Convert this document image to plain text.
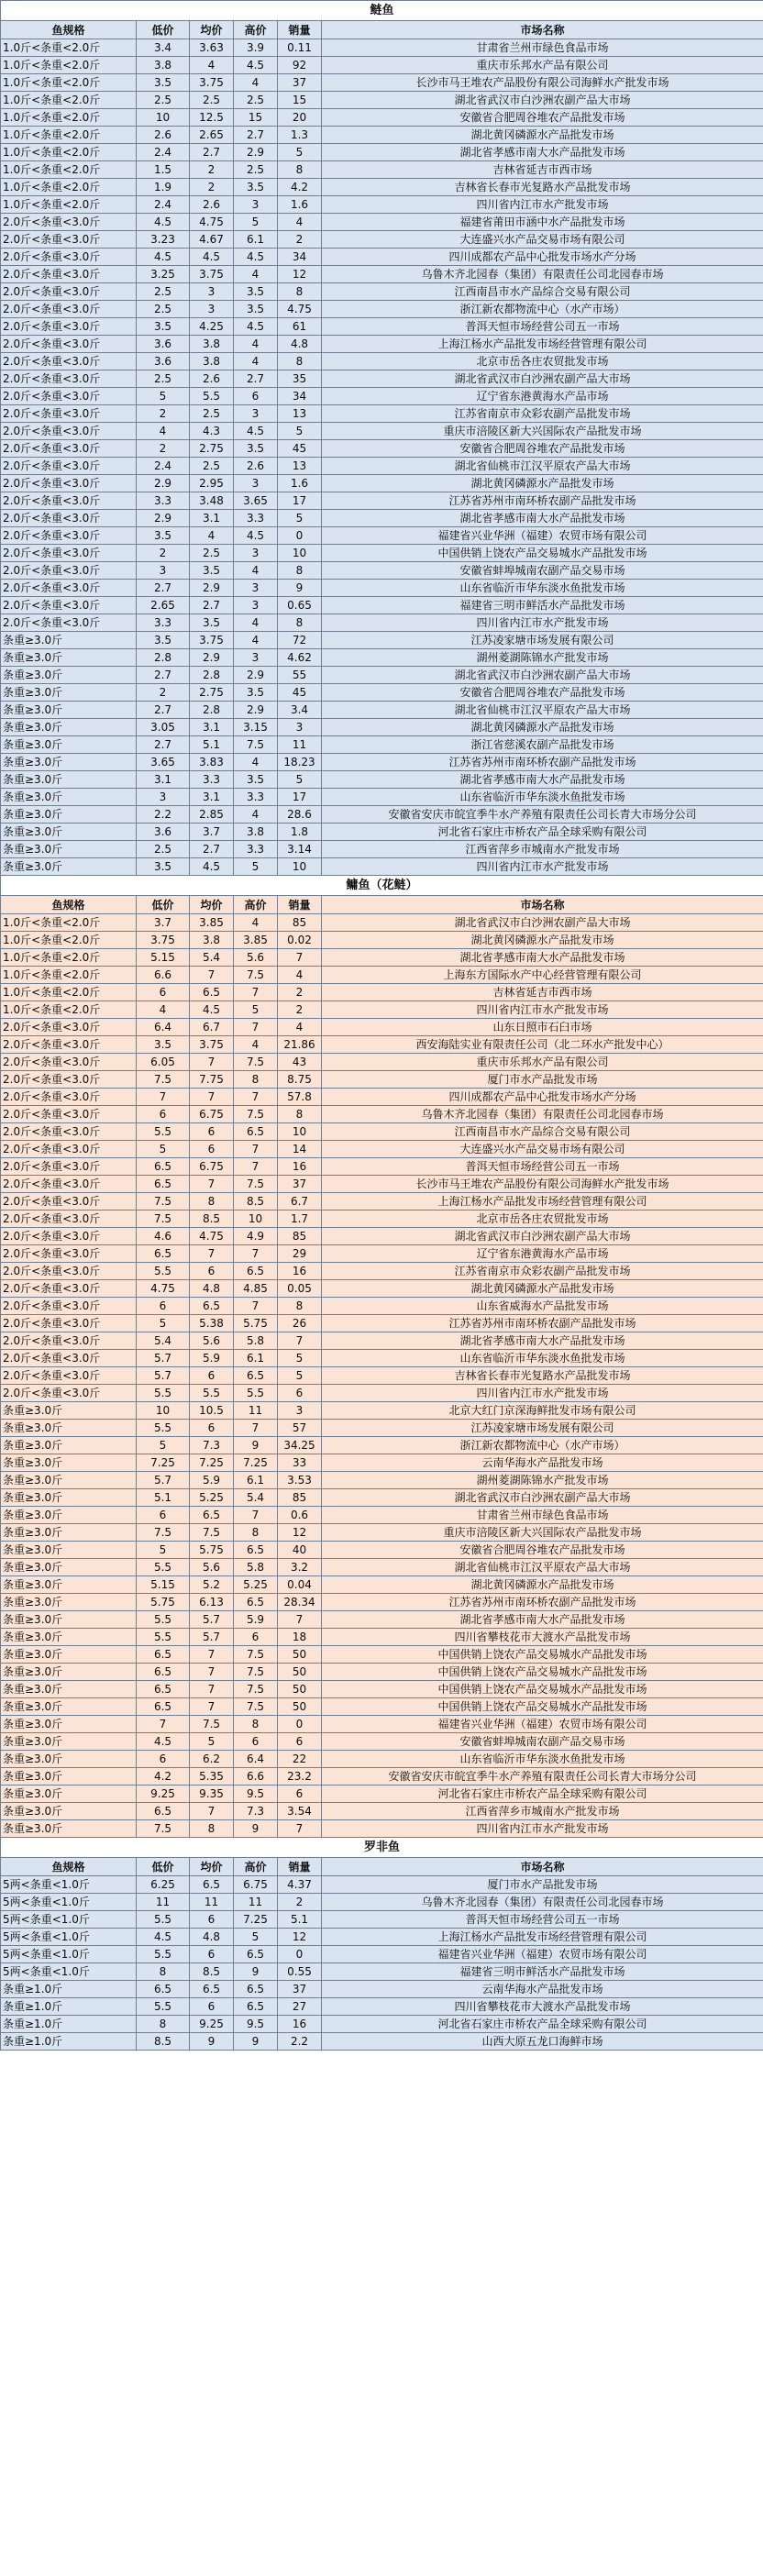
鲢鱼					
鱼规格	低价	均价	高价	销量	市场名称
1.0斤<条重<2.0斤	3.4	3.63	3.9	0.11	甘肃省兰州市绿色食品市场
1.0斤<条重<2.0斤	3.8	4	4.5	92	重庆市乐邦水产品有限公司
1.0斤<条重<2.0斤	3.5	3.75	4	37	长沙市马王堆农产品股份有限公司海鲜水产批发市场
1.0斤<条重<2.0斤	2.5	2.5	2.5	15	湖北省武汉市白沙洲农副产品大市场
1.0斤<条重<2.0斤	10	12.5	15	20	安徽省合肥周谷堆农产品批发市场
1.0斤<条重<2.0斤	2.6	2.65	2.7	1.3	湖北黄冈磷源水产品批发市场
1.0斤<条重<2.0斤	2.4	2.7	2.9	5	湖北省孝感市南大水产品批发市场
1.0斤<条重<2.0斤	1.5	2	2.5	8	吉林省延吉市西市场
1.0斤<条重<2.0斤	1.9	2	3.5	4.2	吉林省长春市光复路水产品批发市场
1.0斤<条重<2.0斤	2.4	2.6	3	1.6	四川省内江市水产批发市场
2.0斤<条重<3.0斤	4.5	4.75	5	4	福建省莆田市涵中水产品批发市场
2.0斤<条重<3.0斤	3.23	4.67	6.1	2	大连盛兴水产品交易市场有限公司
2.0斤<条重<3.0斤	4.5	4.5	4.5	34	四川成都农产品中心批发市场水产分场
2.0斤<条重<3.0斤	3.25	3.75	4	12	乌鲁木齐北园春（集团）有限责任公司北园春市场
2.0斤<条重<3.0斤	2.5	3	3.5	8	江西南昌市水产品综合交易有限公司
2.0斤<条重<3.0斤	2.5	3	3.5	4.75	浙江新农都物流中心（水产市场）
2.0斤<条重<3.0斤	3.5	4.25	4.5	61	普洱天恒市场经营公司五一市场
2.0斤<条重<3.0斤	3.6	3.8	4	4.8	上海江杨水产品批发市场经营管理有限公司
2.0斤<条重<3.0斤	3.6	3.8	4	8	北京市岳各庄农贸批发市场
2.0斤<条重<3.0斤	2.5	2.6	2.7	35	湖北省武汉市白沙洲农副产品大市场
2.0斤<条重<3.0斤	5	5.5	6	34	辽宁省东港黄海水产品市场
2.0斤<条重<3.0斤	2	2.5	3	13	江苏省南京市众彩农副产品批发市场
2.0斤<条重<3.0斤	4	4.3	4.5	5	重庆市涪陵区新大兴国际农产品批发市场
2.0斤<条重<3.0斤	2	2.75	3.5	45	安徽省合肥周谷堆农产品批发市场
2.0斤<条重<3.0斤	2.4	2.5	2.6	13	湖北省仙桃市江汉平原农产品大市场
2.0斤<条重<3.0斤	2.9	2.95	3	1.6	湖北黄冈磷源水产品批发市场
2.0斤<条重<3.0斤	3.3	3.48	3.65	17	江苏省苏州市南环桥农副产品批发市场
2.0斤<条重<3.0斤	2.9	3.1	3.3	5	湖北省孝感市南大水产品批发市场
2.0斤<条重<3.0斤	3.5	4	4.5	0	福建省兴业华洲（福建）农贸市场有限公司
2.0斤<条重<3.0斤	2	2.5	3	10	中国供销上饶农产品交易城水产品批发市场
2.0斤<条重<3.0斤	3	3.5	4	8	安徽省蚌埠城南农副产品交易市场
2.0斤<条重<3.0斤	2.7	2.9	3	9	山东省临沂市华东淡水鱼批发市场
2.0斤<条重<3.0斤	2.65	2.7	3	0.65	福建省三明市鲜活水产品批发市场
2.0斤<条重<3.0斤	3.3	3.5	4	8	四川省内江市水产批发市场
条重≥3.0斤	3.5	3.75	4	72	江苏凌家塘市场发展有限公司
条重≥3.0斤	2.8	2.9	3	4.62	湖州菱湖陈锦水产批发市场
条重≥3.0斤	2.7	2.8	2.9	55	湖北省武汉市白沙洲农副产品大市场
条重≥3.0斤	2	2.75	3.5	45	安徽省合肥周谷堆农产品批发市场
条重≥3.0斤	2.7	2.8	2.9	3.4	湖北省仙桃市江汉平原农产品大市场
条重≥3.0斤	3.05	3.1	3.15	3	湖北黄冈磷源水产品批发市场
条重≥3.0斤	2.7	5.1	7.5	11	浙江省慈溪农副产品批发市场
条重≥3.0斤	3.65	3.83	4	18.23	江苏省苏州市南环桥农副产品批发市场
条重≥3.0斤	3.1	3.3	3.5	5	湖北省孝感市南大水产品批发市场
条重≥3.0斤	3	3.1	3.3	17	山东省临沂市华东淡水鱼批发市场
条重≥3.0斤	2.2	2.85	4	28.6	安徽省安庆市皖宜季牛水产养殖有限责任公司长青大市场分公司
条重≥3.0斤	3.6	3.7	3.8	1.8	河北省石家庄市桥农产品全球采购有限公司
条重≥3.0斤	2.5	2.7	3.3	3.14	江西省萍乡市城南水产批发市场
条重≥3.0斤	3.5	4.5	5	10	四川省内江市水产批发市场
鳙鱼（花鲢）					
鱼规格	低价	均价	高价	销量	市场名称
1.0斤<条重<2.0斤	3.7	3.85	4	85	湖北省武汉市白沙洲农副产品大市场
1.0斤<条重<2.0斤	3.75	3.8	3.85	0.02	湖北黄冈磷源水产品批发市场
1.0斤<条重<2.0斤	5.15	5.4	5.6	7	湖北省孝感市南大水产品批发市场
1.0斤<条重<2.0斤	6.6	7	7.5	4	上海东方国际水产中心经营管理有限公司
1.0斤<条重<2.0斤	6	6.5	7	2	吉林省延吉市西市场
1.0斤<条重<2.0斤	4	4.5	5	2	四川省内江市水产批发市场
2.0斤<条重<3.0斤	6.4	6.7	7	4	山东日照市石臼市场
2.0斤<条重<3.0斤	3.5	3.75	4	21.86	西安海陆实业有限责任公司（北二环水产批发中心）
2.0斤<条重<3.0斤	6.05	7	7.5	43	重庆市乐邦水产品有限公司
2.0斤<条重<3.0斤	7.5	7.75	8	8.75	厦门市水产品批发市场
2.0斤<条重<3.0斤	7	7	7	57.8	四川成都农产品中心批发市场水产分场
2.0斤<条重<3.0斤	6	6.75	7.5	8	乌鲁木齐北园春（集团）有限责任公司北园春市场
2.0斤<条重<3.0斤	5.5	6	6.5	10	江西南昌市水产品综合交易有限公司
2.0斤<条重<3.0斤	5	6	7	14	大连盛兴水产品交易市场有限公司
2.0斤<条重<3.0斤	6.5	6.75	7	16	普洱天恒市场经营公司五一市场
2.0斤<条重<3.0斤	6.5	7	7.5	37	长沙市马王堆农产品股份有限公司海鲜水产批发市场
2.0斤<条重<3.0斤	7.5	8	8.5	6.7	上海江杨水产品批发市场经营管理有限公司
2.0斤<条重<3.0斤	7.5	8.5	10	1.7	北京市岳各庄农贸批发市场
2.0斤<条重<3.0斤	4.6	4.75	4.9	85	湖北省武汉市白沙洲农副产品大市场
2.0斤<条重<3.0斤	6.5	7	7	29	辽宁省东港黄海水产品市场
2.0斤<条重<3.0斤	5.5	6	6.5	16	江苏省南京市众彩农副产品批发市场
2.0斤<条重<3.0斤	4.75	4.8	4.85	0.05	湖北黄冈磷源水产品批发市场
2.0斤<条重<3.0斤	6	6.5	7	8	山东省威海水产品批发市场
2.0斤<条重<3.0斤	5	5.38	5.75	26	江苏省苏州市南环桥农副产品批发市场
2.0斤<条重<3.0斤	5.4	5.6	5.8	7	湖北省孝感市南大水产品批发市场
2.0斤<条重<3.0斤	5.7	5.9	6.1	5	山东省临沂市华东淡水鱼批发市场
2.0斤<条重<3.0斤	5.7	6	6.5	5	吉林省长春市光复路水产品批发市场
2.0斤<条重<3.0斤	5.5	5.5	5.5	6	四川省内江市水产批发市场
条重≥3.0斤	10	10.5	11	3	北京大红门京深海鲜批发市场有限公司
条重≥3.0斤	5.5	6	7	57	江苏凌家塘市场发展有限公司
条重≥3.0斤	5	7.3	9	34.25	浙江新农都物流中心（水产市场）
条重≥3.0斤	7.25	7.25	7.25	33	云南华海水产品批发市场
条重≥3.0斤	5.7	5.9	6.1	3.53	湖州菱湖陈锦水产批发市场
条重≥3.0斤	5.1	5.25	5.4	85	湖北省武汉市白沙洲农副产品大市场
条重≥3.0斤	6	6.5	7	0.6	甘肃省兰州市绿色食品市场
条重≥3.0斤	7.5	7.5	8	12	重庆市涪陵区新大兴国际农产品批发市场
条重≥3.0斤	5	5.75	6.5	40	安徽省合肥周谷堆农产品批发市场
条重≥3.0斤	5.5	5.6	5.8	3.2	湖北省仙桃市江汉平原农产品大市场
条重≥3.0斤	5.15	5.2	5.25	0.04	湖北黄冈磷源水产品批发市场
条重≥3.0斤	5.75	6.13	6.5	28.34	江苏省苏州市南环桥农副产品批发市场
条重≥3.0斤	5.5	5.7	5.9	7	湖北省孝感市南大水产品批发市场
条重≥3.0斤	5.5	5.7	6	18	四川省攀枝花市大渡水产品批发市场
条重≥3.0斤	6.5	7	7.5	50	中国供销上饶农产品交易城水产品批发市场
条重≥3.0斤	6.5	7	7.5	50	中国供销上饶农产品交易城水产品批发市场
条重≥3.0斤	6.5	7	7.5	50	中国供销上饶农产品交易城水产品批发市场
条重≥3.0斤	6.5	7	7.5	50	中国供销上饶农产品交易城水产品批发市场
条重≥3.0斤	7	7.5	8	0	福建省兴业华洲（福建）农贸市场有限公司
条重≥3.0斤	4.5	5	6	6	安徽省蚌埠城南农副产品交易市场
条重≥3.0斤	6	6.2	6.4	22	山东省临沂市华东淡水鱼批发市场
条重≥3.0斤	4.2	5.35	6.6	23.2	安徽省安庆市皖宜季牛水产养殖有限责任公司长青大市场分公司
条重≥3.0斤	9.25	9.35	9.5	6	河北省石家庄市桥农产品全球采购有限公司
条重≥3.0斤	6.5	7	7.3	3.54	江西省萍乡市城南水产批发市场
条重≥3.0斤	7.5	8	9	7	四川省内江市水产批发市场
罗非鱼					
鱼规格	低价	均价	高价	销量	市场名称
5两<条重<1.0斤	6.25	6.5	6.75	4.37	厦门市水产品批发市场
5两<条重<1.0斤	11	11	11	2	乌鲁木齐北园春（集团）有限责任公司北园春市场
5两<条重<1.0斤	5.5	6	7.25	5.1	普洱天恒市场经营公司五一市场
5两<条重<1.0斤	4.5	4.8	5	12	上海江杨水产品批发市场经营管理有限公司
5两<条重<1.0斤	5.5	6	6.5	0	福建省兴业华洲（福建）农贸市场有限公司
5两<条重<1.0斤	8	8.5	9	0.55	福建省三明市鲜活水产品批发市场
条重≥1.0斤	6.5	6.5	6.5	37	云南华海水产品批发市场
条重≥1.0斤	5.5	6	6.5	27	四川省攀枝花市大渡水产品批发市场
条重≥1.0斤	8	9.25	9.5	16	河北省石家庄市桥农产品全球采购有限公司
条重≥1.0斤	8.5	9	9	2.2	山西大原五龙口海鲜市场
